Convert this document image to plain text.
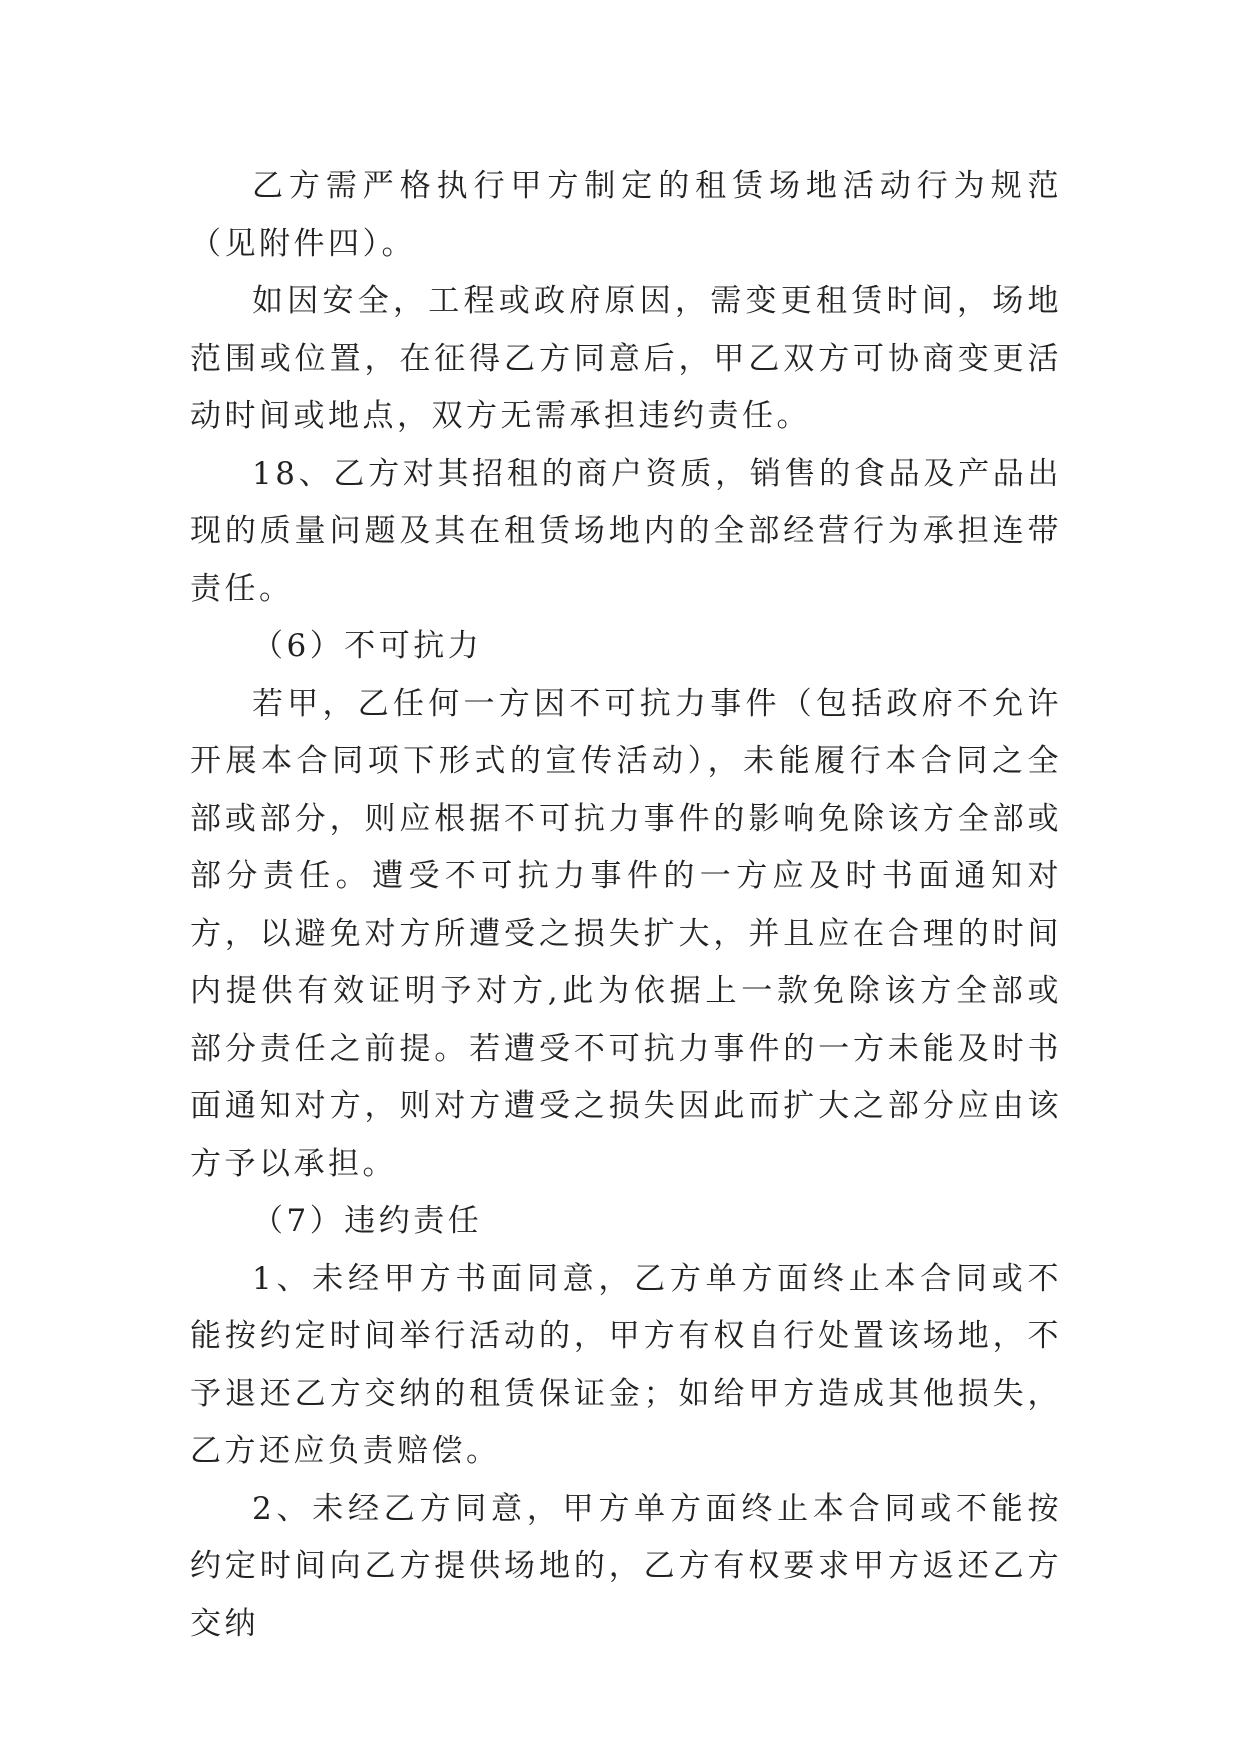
乙方需严格执行甲方制定的租赁场地活动行为规范（见附件四）。

如因安全，工程或政府原因，需变更租赁时间，场地范围或位置，在征得乙方同意后，甲乙双方可协商变更活动时间或地点，双方无需承担违约责任。

18、乙方对其招租的商户资质，销售的食品及产品出现的质量问题及其在租赁场地内的全部经营行为承担连带责任。

（6）不可抗力

若甲，乙任何一方因不可抗力事件（包括政府不允许开展本合同项下形式的宣传活动），未能履行本合同之全部或部分，则应根据不可抗力事件的影响免除该方全部或部分责任。遭受不可抗力事件的一方应及时书面通知对方，以避免对方所遭受之损失扩大，并且应在合理的时间内提供有效证明予对方,此为依据上一款免除该方全部或部分责任之前提。若遭受不可抗力事件的一方未能及时书面通知对方，则对方遭受之损失因此而扩大之部分应由该方予以承担。

（7）违约责任

1、未经甲方书面同意，乙方单方面终止本合同或不能按约定时间举行活动的，甲方有权自行处置该场地，不予退还乙方交纳的租赁保证金；如给甲方造成其他损失，乙方还应负责赔偿。

2、未经乙方同意，甲方单方面终止本合同或不能按约定时间向乙方提供场地的，乙方有权要求甲方返还乙方交纳
